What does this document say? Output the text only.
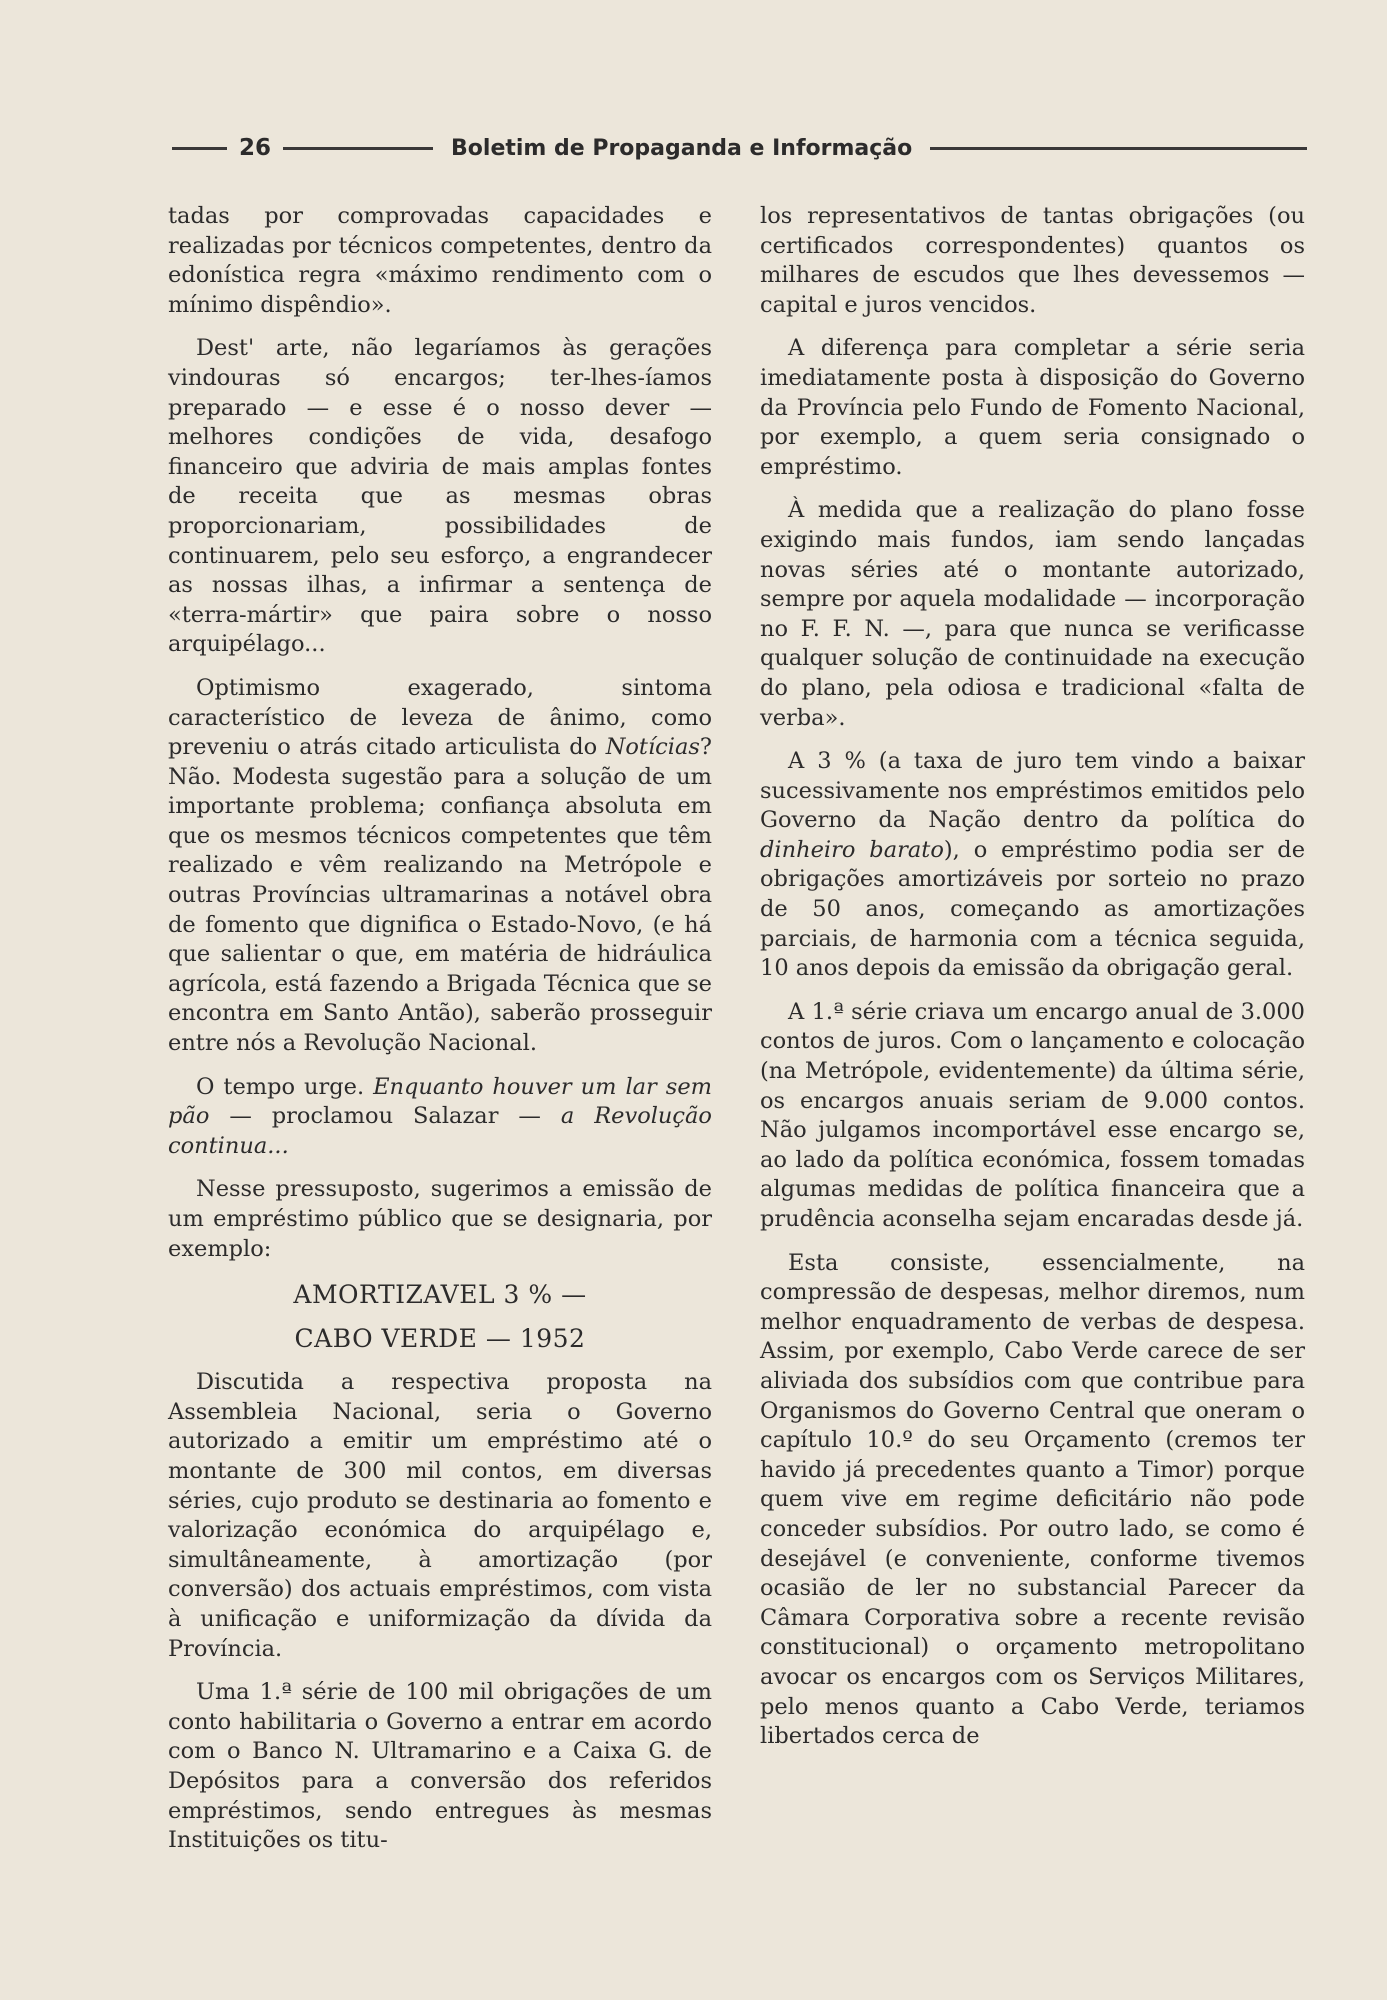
26	Boletim de Propaganda e Informação

tadas por comprovadas capacidades e realizadas por técnicos competentes, dentro da edonística regra «máximo rendimento com o mínimo dispêndio».

Dest' arte, não legaríamos às gerações vindouras só encargos; ter-lhes-íamos preparado — e esse é o nosso dever — melhores condições de vida, desafogo financeiro que adviria de mais amplas fontes de receita que as mesmas obras proporcionariam, possibilidades de continuarem, pelo seu esforço, a engrandecer as nossas ilhas, a infirmar a sentença de «terra-mártir» que paira sobre o nosso arquipélago...

Optimismo exagerado, sintoma característico de leveza de ânimo, como preveniu o atrás citado articulista do Notícias? Não. Modesta sugestão para a solução de um importante problema; confiança absoluta em que os mesmos técnicos competentes que têm realizado e vêm realizando na Metrópole e outras Províncias ultramarinas a notável obra de fomento que dignifica o Estado-Novo, (e há que salientar o que, em matéria de hidráulica agrícola, está fazendo a Brigada Técnica que se encontra em Santo Antão), saberão prosseguir entre nós a Revolução Nacional.

O tempo urge. Enquanto houver um lar sem pão — proclamou Salazar — a Revolução continua...

Nesse pressuposto, sugerimos a emissão de um empréstimo público que se designaria, por exemplo:

AMORTIZAVEL 3 % —

CABO VERDE — 1952

Discutida a respectiva proposta na Assembleia Nacional, seria o Governo autorizado a emitir um empréstimo até o montante de 300 mil contos, em diversas séries, cujo produto se destinaria ao fomento e valorização económica do arquipélago e, simultâneamente, à amortização (por conversão) dos actuais empréstimos, com vista à unificação e uniformização da dívida da Província.

Uma 1.ª série de 100 mil obrigações de um conto habilitaria o Governo a entrar em acordo com o Banco N. Ultramarino e a Caixa G. de Depósitos para a conversão dos referidos empréstimos, sendo entregues às mesmas Instituições os titu-

los representativos de tantas obrigações (ou certificados correspondentes) quantos os milhares de escudos que lhes devessemos — capital e juros vencidos.

A diferença para completar a série seria imediatamente posta à disposição do Governo da Província pelo Fundo de Fomento Nacional, por exemplo, a quem seria consignado o empréstimo.

À medida que a realização do plano fosse exigindo mais fundos, iam sendo lançadas novas séries até o montante autorizado, sempre por aquela modalidade — incorporação no F. F. N. —, para que nunca se verificasse qualquer solução de continuidade na execução do plano, pela odiosa e tradicional «falta de verba».

A 3 % (a taxa de juro tem vindo a baixar sucessivamente nos empréstimos emitidos pelo Governo da Nação dentro da política do dinheiro barato), o empréstimo podia ser de obrigações amortizáveis por sorteio no prazo de 50 anos, começando as amortizações parciais, de harmonia com a técnica seguida, 10 anos depois da emissão da obrigação geral.

A 1.ª série criava um encargo anual de 3.000 contos de juros. Com o lançamento e colocação (na Metrópole, evidentemente) da última série, os encargos anuais seriam de 9.000 contos. Não julgamos incomportável esse encargo se, ao lado da política económica, fossem tomadas algumas medidas de política financeira que a prudência aconselha sejam encaradas desde já.

Esta consiste, essencialmente, na compressão de despesas, melhor diremos, num melhor enquadramento de verbas de despesa. Assim, por exemplo, Cabo Verde carece de ser aliviada dos subsídios com que contribue para Organismos do Governo Central que oneram o capítulo 10.º do seu Orçamento (cremos ter havido já precedentes quanto a Timor) porque quem vive em regime deficitário não pode conceder subsídios. Por outro lado, se como é desejável (e conveniente, conforme tivemos ocasião de ler no substancial Parecer da Câmara Corporativa sobre a recente revisão constitucional) o orçamento metropolitano avocar os encargos com os Serviços Militares, pelo menos quanto a Cabo Verde, teriamos libertados cerca de
